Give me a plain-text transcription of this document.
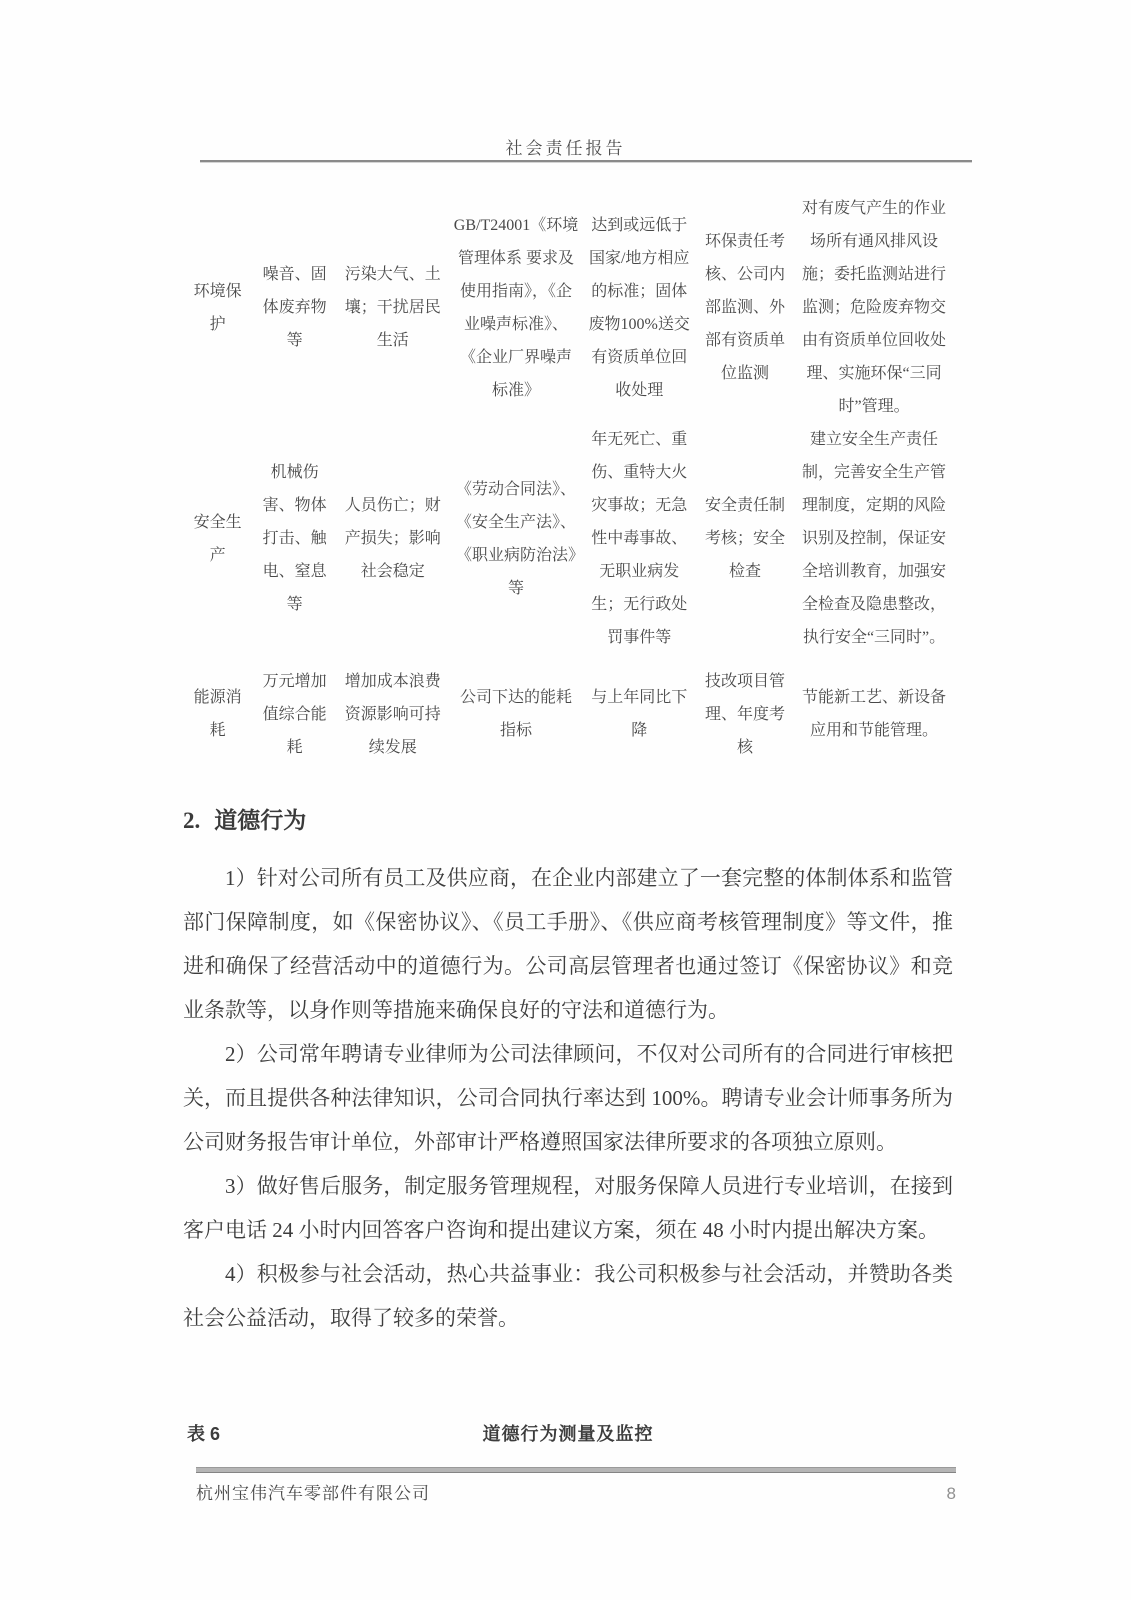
社会责任报告
环境保护	噪音、固体废弃物等	污染大气、土壤；干扰居民生活	GB/T24001《环境管理体系 要求及使用指南》，《企业噪声标准》、《企业厂界噪声标准》	达到或远低于国家/地方相应的标准；固体废物100%送交有资质单位回收处理	环保责任考核、公司内部监测、外部有资质单位监测	对有废气产生的作业场所有通风排风设施；委托监测站进行监测；危险废弃物交由有资质单位回收处理、实施环保“三同时”管理。
安全生产	机械伤害、物体打击、触电、窒息等	人员伤亡；财产损失；影响社会稳定	《劳动合同法》、《安全生产法》、《职业病防治法》等	年无死亡、重伤、重特大火灾事故；无急性中毒事故、无职业病发生；无行政处罚事件等	安全责任制考核；安全检查	建立安全生产责任制，完善安全生产管理制度，定期的风险识别及控制，保证安全培训教育，加强安全检查及隐患整改，执行安全“三同时”。
能源消耗	万元增加值综合能耗	增加成本浪费资源影响可持续发展	公司下达的能耗指标	与上年同比下降	技改项目管理、年度考核	节能新工艺、新设备应用和节能管理。
2. 道德行为

1）针对公司所有员工及供应商，在企业内部建立了一套完整的体制体系和监管部门保障制度，如《保密协议》、《员工手册》、《供应商考核管理制度》等文件，推进和确保了经营活动中的道德行为。公司高层管理者也通过签订《保密协议》和竞业条款等，以身作则等措施来确保良好的守法和道德行为。

2）公司常年聘请专业律师为公司法律顾问，不仅对公司所有的合同进行审核把关，而且提供各种法律知识，公司合同执行率达到 100%。聘请专业会计师事务所为公司财务报告审计单位，外部审计严格遵照国家法律所要求的各项独立原则。

3）做好售后服务，制定服务管理规程，对服务保障人员进行专业培训，在接到客户电话 24 小时内回答客户咨询和提出建议方案，须在 48 小时内提出解决方案。

4）积极参与社会活动，热心共益事业：我公司积极参与社会活动，并赞助各类社会公益活动，取得了较多的荣誉。

表 6	道德行为测量及监控
杭州宝伟汽车零部件有限公司	8
